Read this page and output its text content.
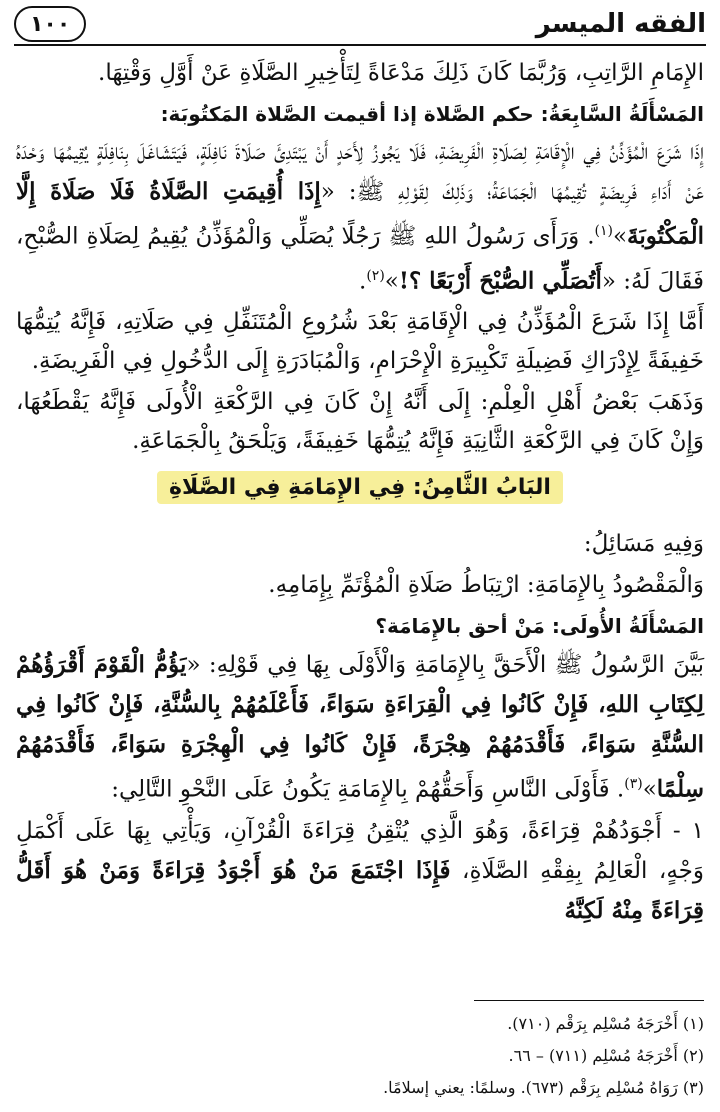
الفقه الميسر
١٠٠

الإِمَامِ الرَّاتِبِ، وَرُبَّمَا كَانَ ذَلِكَ مَدْعَاةً لِتَأْخِيرِ الصَّلَاةِ عَنْ أَوَّلِ وَقْتِهَا.

المَسْأَلَةُ السَّابِعَةُ: حكم الصَّلاة إذا أقيمت الصَّلاة المَكتُوبَة:

إِذَا شَرَعَ الْمُؤَذِّنُ فِي الْإِقَامَةِ لِصَلَاةِ الْفَرِيضَةِ، فَلَا يَجُوزُ لِأَحَدٍ أَنْ يَبْتَدِئَ صَلَاةَ نَافِلَةٍ، فَيَتَشَاغَلَ بِنَافِلَةٍ يُقِيمُهَا وَحْدَهُ عَنْ أَدَاءِ فَرِيضَةٍ تُقِيمُهَا الْجَمَاعَةُ؛ وَذَلِكَ لِقَوْلِهِ ﷺ: «إِذَا أُقِيمَتِ الصَّلَاةُ فَلَا صَلَاةَ إِلَّا الْمَكْتُوبَةَ»$^{(١)}$. وَرَأَى رَسُولُ اللهِ ﷺ رَجُلًا يُصَلِّي وَالْمُؤَذِّنُ يُقِيمُ لِصَلَاةِ الصُّبْحِ، فَقَالَ لَهُ: «أَتُصَلِّي الصُّبْحَ أَرْبَعًا ؟!»$^{(٢)}$.

أَمَّا إِذَا شَرَعَ الْمُؤَذِّنُ فِي الْإِقَامَةِ بَعْدَ شُرُوعِ الْمُتَنَفِّلِ فِي صَلَاتِهِ، فَإِنَّهُ يُتِمُّهَا خَفِيفَةً لِإِدْرَاكِ فَضِيلَةِ تَكْبِيرَةِ الْإِحْرَامِ، وَالْمُبَادَرَةِ إِلَى الدُّخُولِ فِي الْفَرِيضَةِ.

وَذَهَبَ بَعْضُ أَهْلِ الْعِلْمِ: إِلَى أَنَّهُ إِنْ كَانَ فِي الرَّكْعَةِ الْأُولَى فَإِنَّهُ يَقْطَعُهَا، وَإِنْ كَانَ فِي الرَّكْعَةِ الثَّانِيَةِ فَإِنَّهُ يُتِمُّهَا خَفِيفَةً، وَيَلْحَقُ بِالْجَمَاعَةِ.

البَابُ الثَّامِنُ: فِي الإِمَامَةِ فِي الصَّلَاةِ

وَفِيهِ مَسَائِلُ:

وَالْمَقْصُودُ بِالإِمَامَةِ: ارْتِبَاطُ صَلَاةِ الْمُؤْتَمِّ بِإِمَامِهِ.

المَسْأَلَةُ الأُولَى: مَنْ أحق بالإِمَامَة؟

بَيَّنَ الرَّسُولُ ﷺ الْأَحَقَّ بِالإِمَامَةِ وَالْأَوْلَى بِهَا فِي قَوْلِهِ: «يَؤُمُّ الْقَوْمَ أَقْرَؤُهُمْ لِكِتَابِ اللهِ، فَإِنْ كَانُوا فِي الْقِرَاءَةِ سَوَاءً، فَأَعْلَمُهُمْ بِالسُّنَّةِ، فَإِنْ كَانُوا فِي السُّنَّةِ سَوَاءً، فَأَقْدَمُهُمْ هِجْرَةً، فَإِنْ كَانُوا فِي الْهِجْرَةِ سَوَاءً، فَأَقْدَمُهُمْ سِلْمًا»$^{(٣)}$. فَأَوْلَى النَّاسِ وَأَحَقُّهُمْ بِالإِمَامَةِ يَكُونُ عَلَى النَّحْوِ التَّالِي:

١ - أَجْوَدُهُمْ قِرَاءَةً، وَهُوَ الَّذِي يُتْقِنُ قِرَاءَةَ الْقُرْآنِ، وَيَأْتِي بِهَا عَلَى أَكْمَلِ وَجْهٍ، الْعَالِمُ بِفِقْهِ الصَّلَاةِ، فَإِذَا اجْتَمَعَ مَنْ هُوَ أَجْوَدُ قِرَاءَةً وَمَنْ هُوَ أَقَلُّ قِرَاءَةً مِنْهُ لَكِنَّهُ

(١) أَخْرَجَهُ مُسْلِم بِرَقْم (٧١٠).

(٢) أَخْرَجَهُ مُسْلِم (٧١١) – ٦٦.

(٣) رَوَاهُ مُسْلِم بِرَقْم (٦٧٣). وسلمًا: يعني إسلامًا.
